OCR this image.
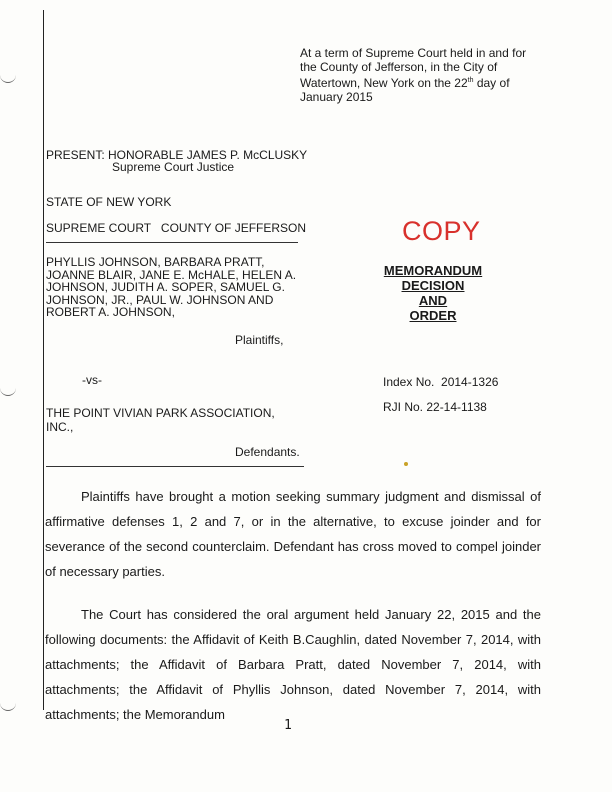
At a term of Supreme Court held in and for
the County of Jefferson, in the City of
Watertown, New York on the 22th day of
January 2015
PRESENT: HONORABLE JAMES P. McCLUSKY
Supreme Court Justice
STATE OF NEW YORK
SUPREME COURT   COUNTY OF JEFFERSON	COPY
MEMORANDUM
DECISION
AND
ORDER
PHYLLIS JOHNSON, BARBARA PRATT,
JOANNE BLAIR, JANE E. McHALE, HELEN A.
JOHNSON, JUDITH A. SOPER, SAMUEL G.
JOHNSON, JR., PAUL W. JOHNSON AND
ROBERT A. JOHNSON,
Plaintiffs,
-vs-	Index No.  2014-1326
RJI No. 22-14-1138
THE POINT VIVIAN PARK ASSOCIATION,
INC.,
Defendants.
Plaintiffs have brought a motion seeking summary judgment and dismissal of affirmative defenses 1, 2 and 7, or in the alternative, to excuse joinder and for severance of the second counterclaim. Defendant has cross moved to compel joinder of necessary parties.
The Court has considered the oral argument held January 22, 2015 and the following documents: the Affidavit of Keith B.Caughlin, dated November 7, 2014, with attachments; the Affidavit of Barbara Pratt, dated November 7, 2014, with attachments; the Affidavit of Phyllis Johnson, dated November 7, 2014, with attachments; the Memorandum
1
